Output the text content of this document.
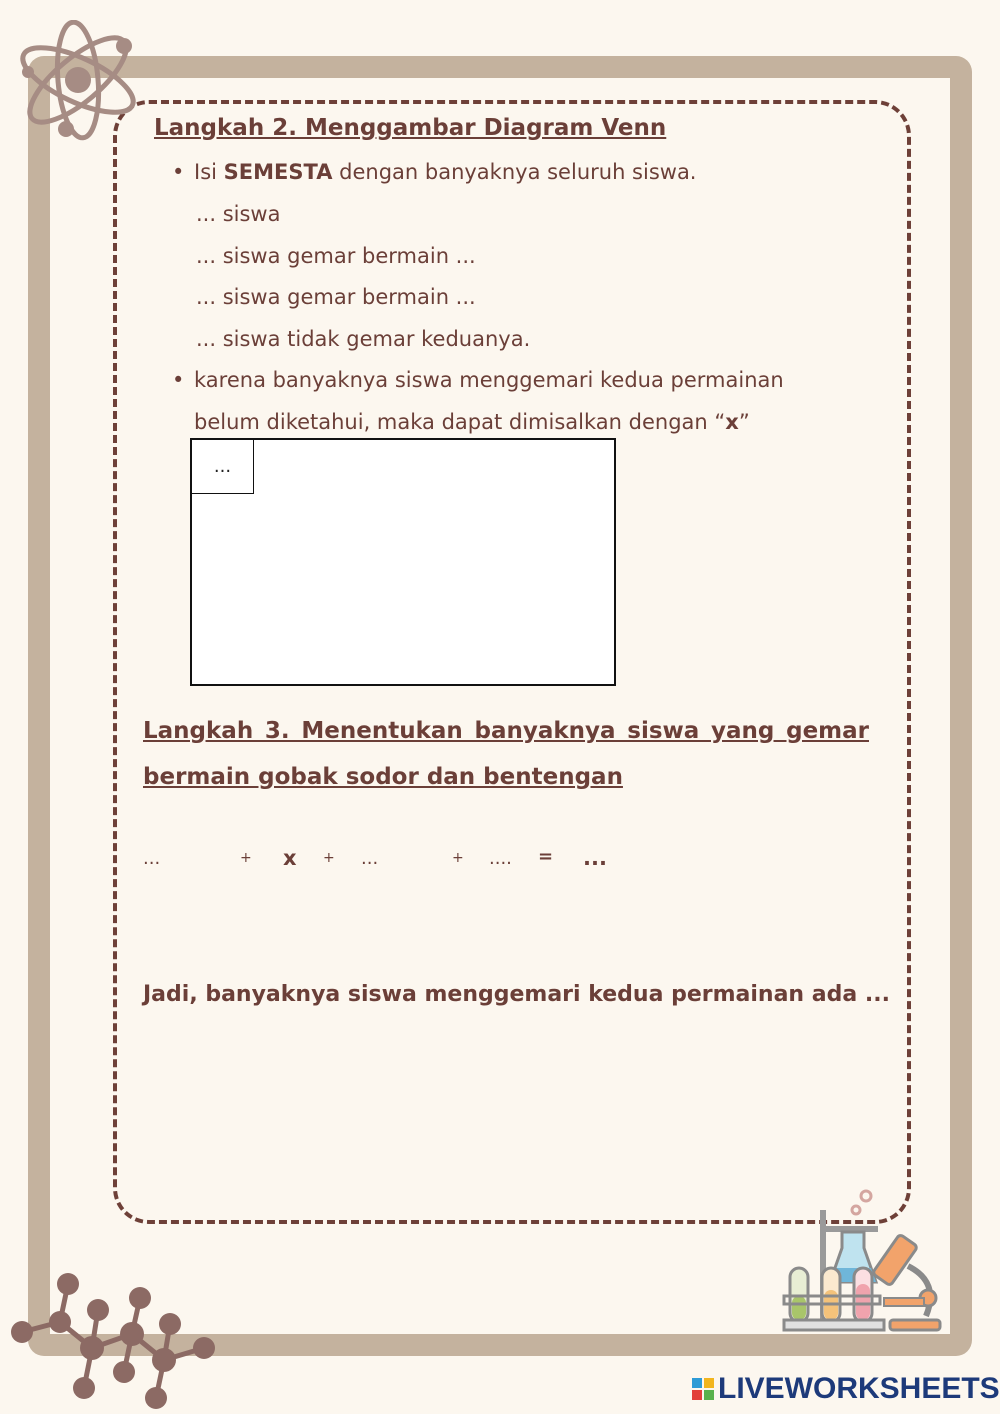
Langkah 2. Menggambar Diagram Venn
• Isi SEMESTA dengan banyaknya seluruh siswa.
... siswa
... siswa gemar bermain ...
... siswa gemar bermain ...
... siswa tidak gemar keduanya.
• karena banyaknya siswa menggemari kedua permainan
belum diketahui, maka dapat dimisalkan dengan “x”
...
Langkah 3. Menentukan banyaknya siswa yang gemar bermain gobak sodor dan bentengan
...	+ x + ...	+ .... = ...
Jadi, banyaknya siswa menggemari kedua permainan ada ...
LIVEWORKSHEETS
